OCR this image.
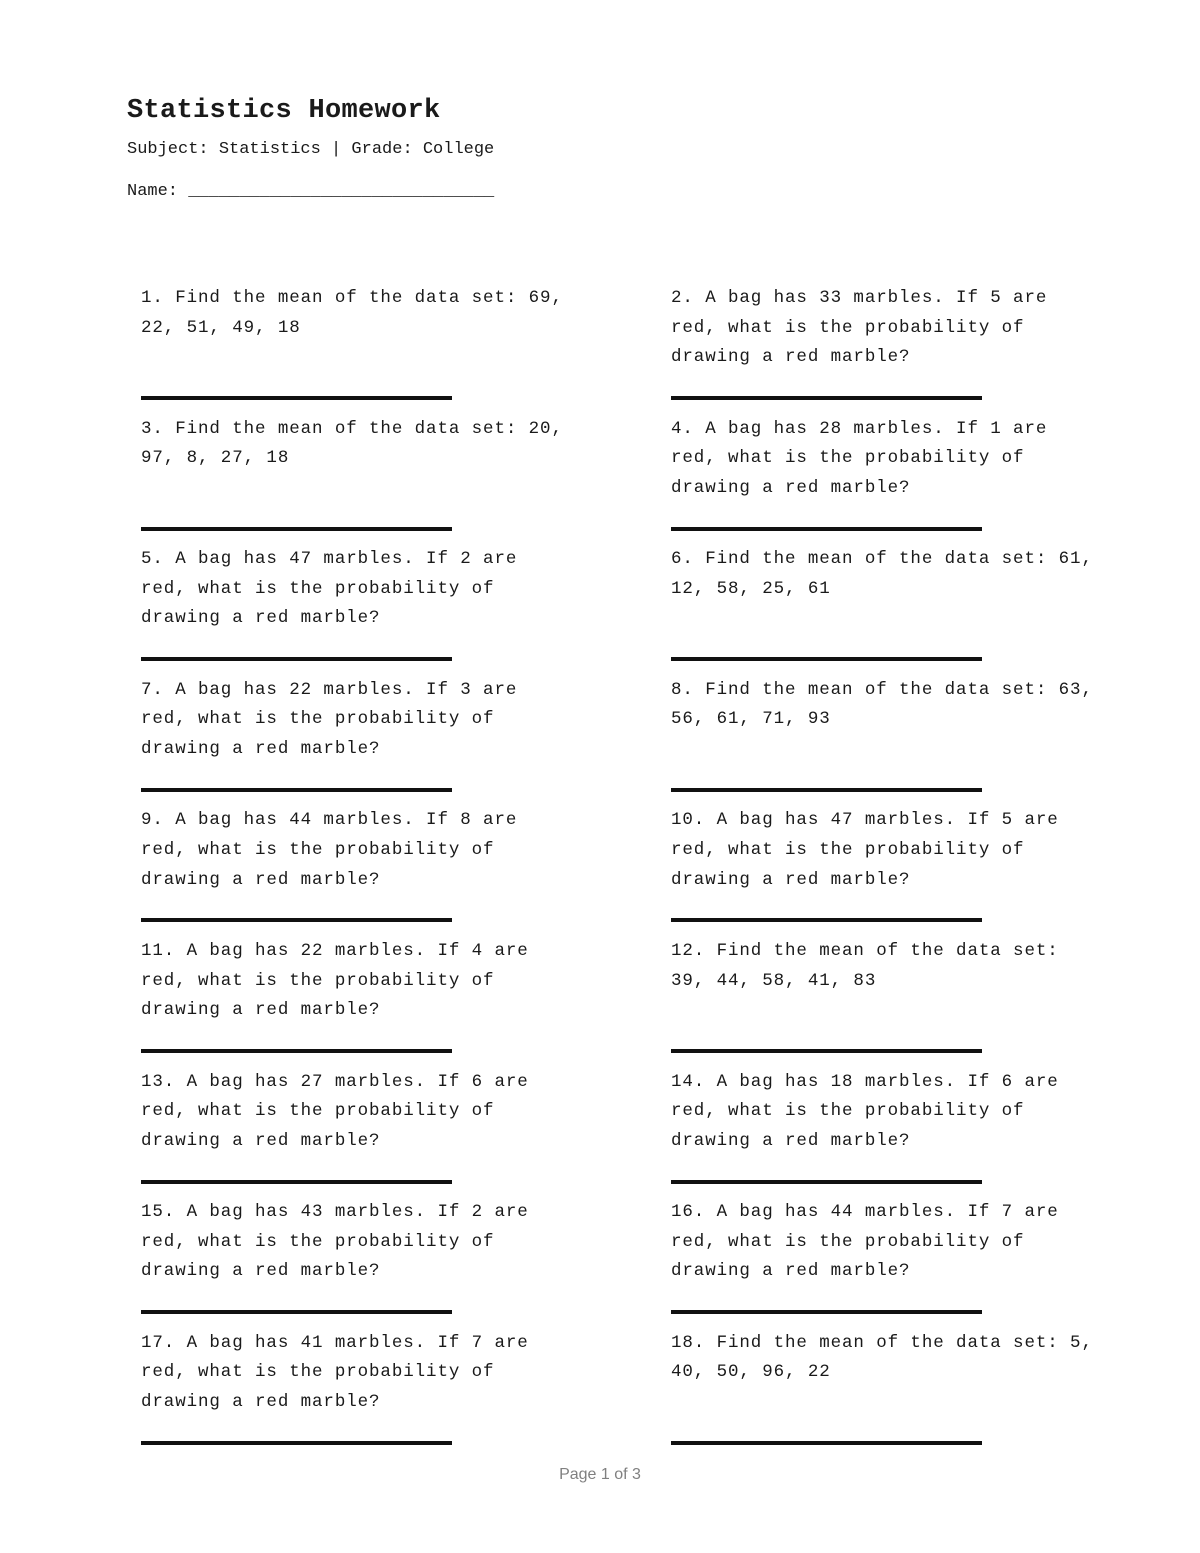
Statistics Homework
Subject: Statistics | Grade: College
Name: ______________________________
1. Find the mean of the data set: 69, 22, 51, 49, 18
2. A bag has 33 marbles. If 5 are red, what is the probability of drawing a red marble?
3. Find the mean of the data set: 20, 97, 8, 27, 18
4. A bag has 28 marbles. If 1 are red, what is the probability of drawing a red marble?
5. A bag has 47 marbles. If 2 are red, what is the probability of drawing a red marble?
6. Find the mean of the data set: 61, 12, 58, 25, 61
7. A bag has 22 marbles. If 3 are red, what is the probability of drawing a red marble?
8. Find the mean of the data set: 63, 56, 61, 71, 93
9. A bag has 44 marbles. If 8 are red, what is the probability of drawing a red marble?
10. A bag has 47 marbles. If 5 are red, what is the probability of drawing a red marble?
11. A bag has 22 marbles. If 4 are red, what is the probability of drawing a red marble?
12. Find the mean of the data set: 39, 44, 58, 41, 83
13. A bag has 27 marbles. If 6 are red, what is the probability of drawing a red marble?
14. A bag has 18 marbles. If 6 are red, what is the probability of drawing a red marble?
15. A bag has 43 marbles. If 2 are red, what is the probability of drawing a red marble?
16. A bag has 44 marbles. If 7 are red, what is the probability of drawing a red marble?
17. A bag has 41 marbles. If 7 are red, what is the probability of drawing a red marble?
18. Find the mean of the data set: 5, 40, 50, 96, 22
Page 1 of 3
